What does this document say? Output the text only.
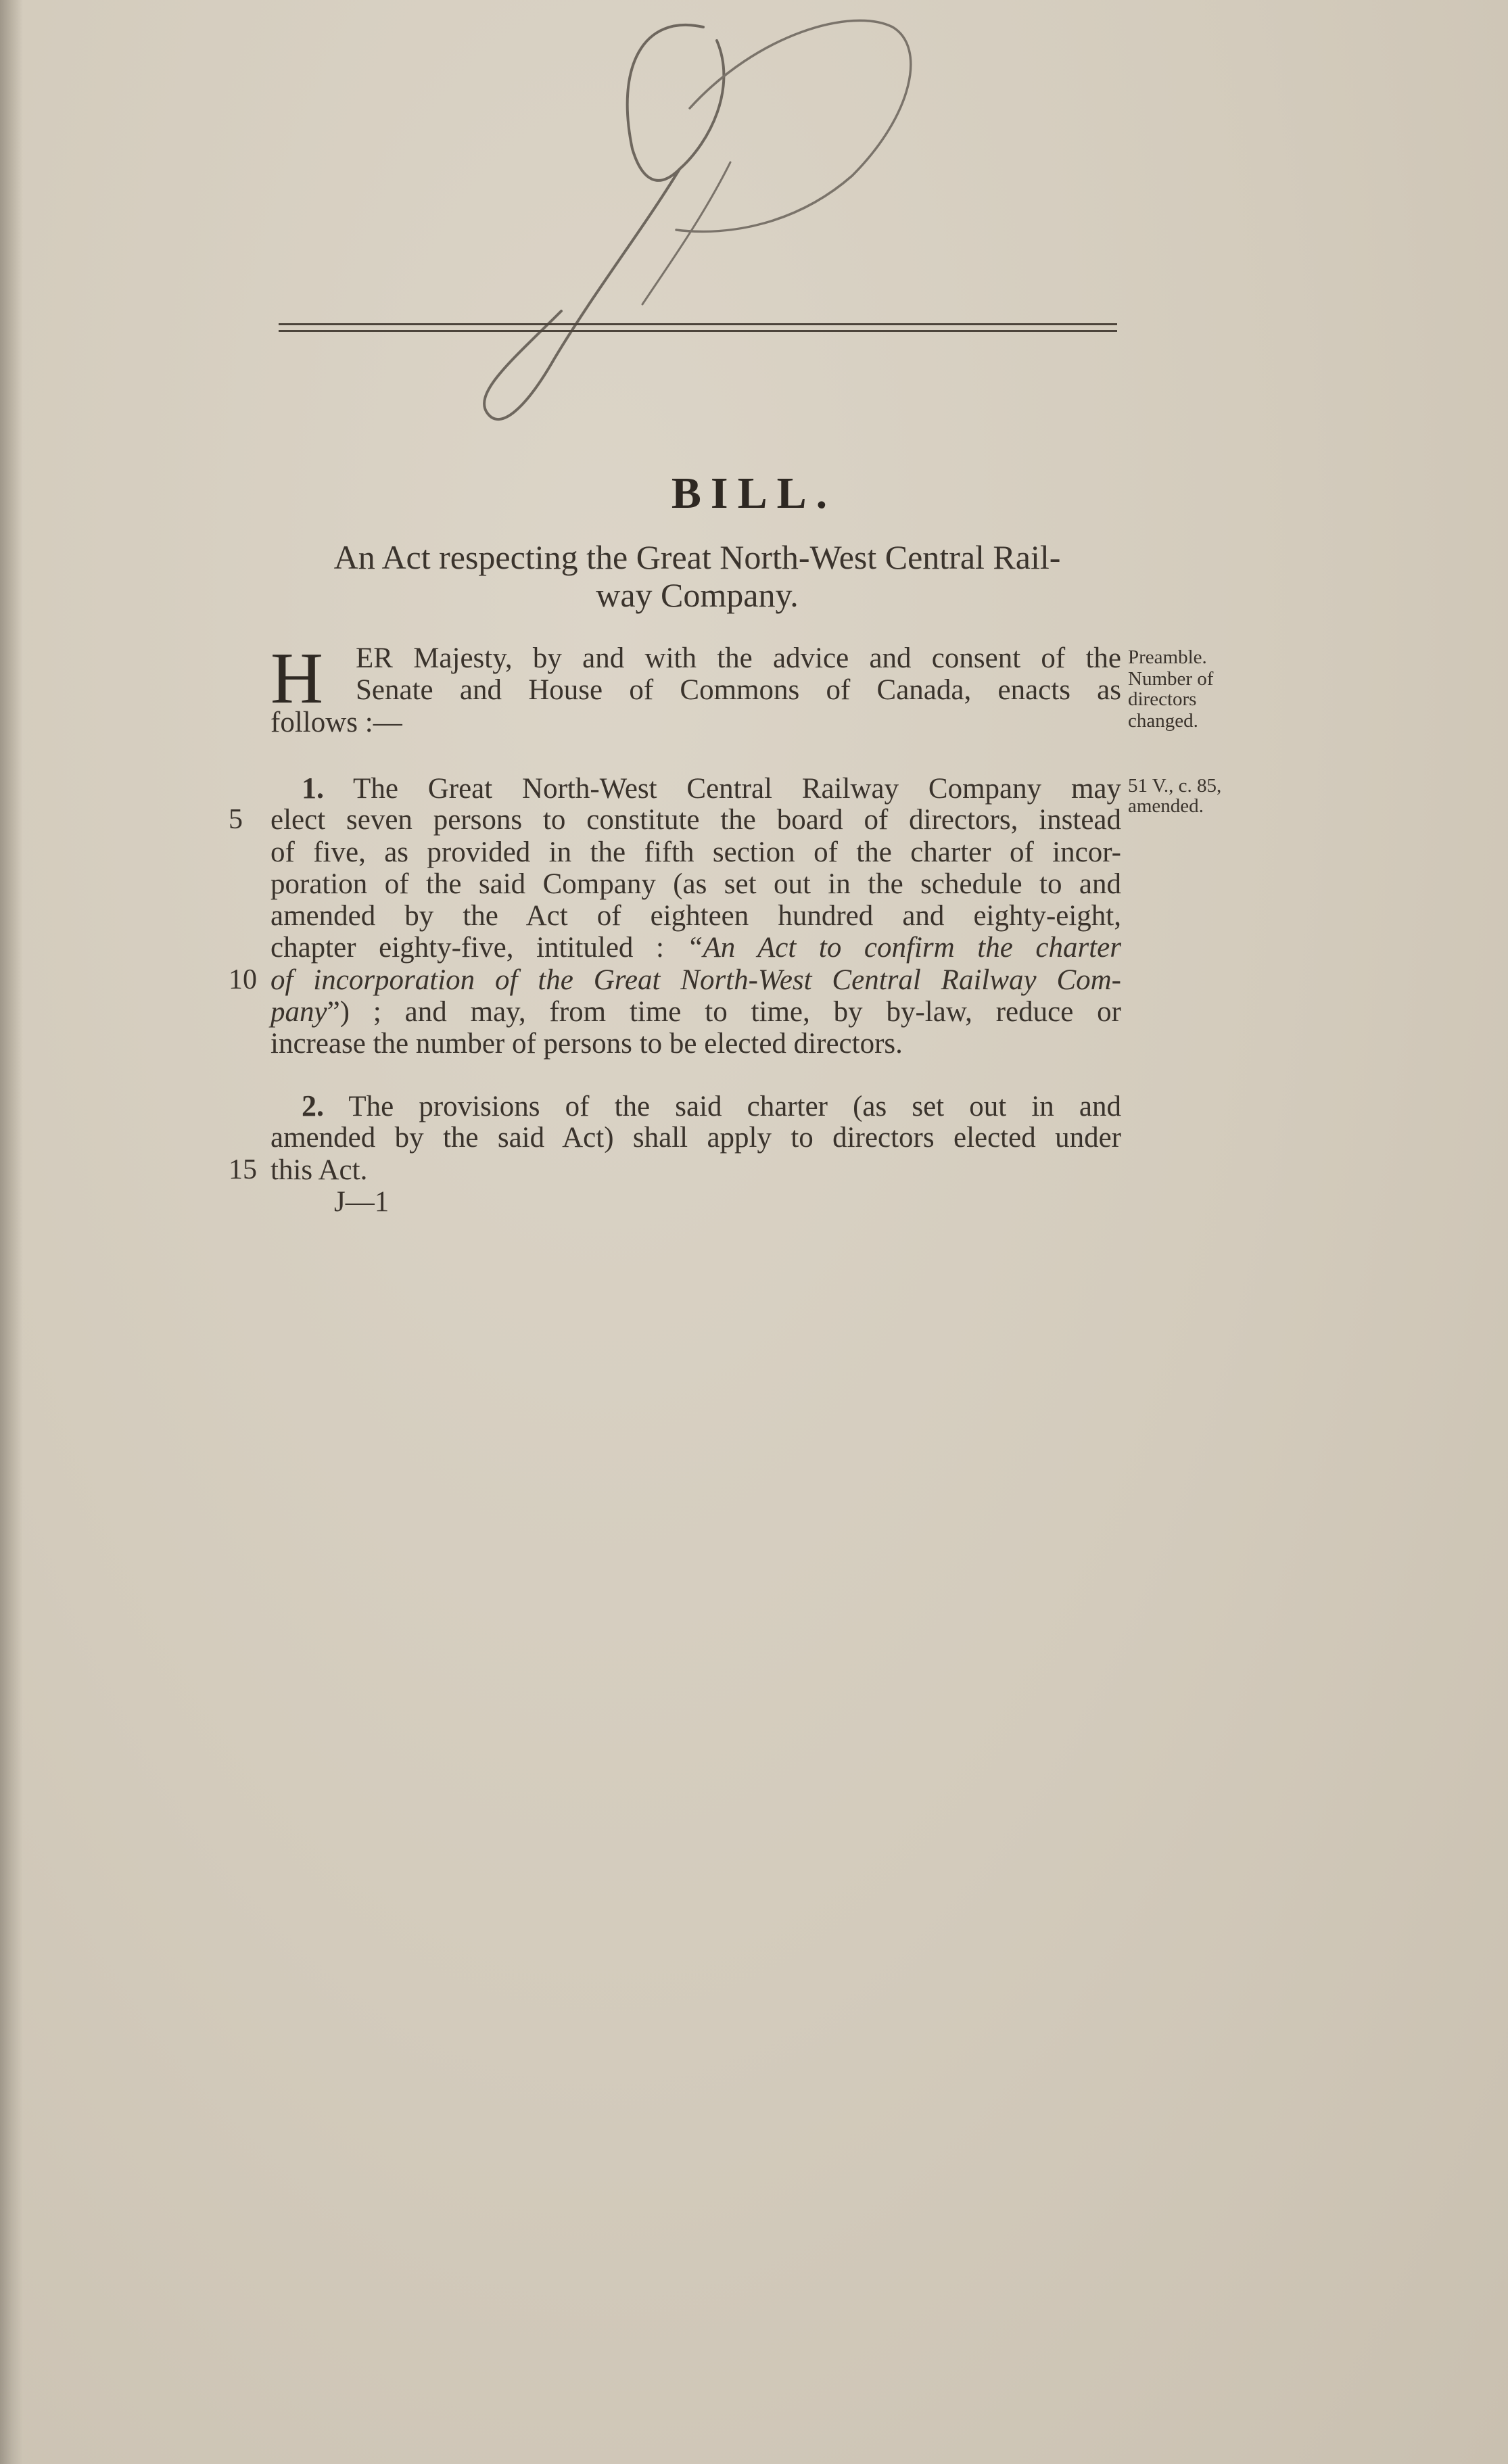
BILL.
An Act respecting the Great North-West Central Rail-
way Company.
H	ER Majesty, by and with the advice and consent of the
Senate and House of Commons of Canada, enacts as
follows :—
1. The Great North-West Central Railway Company may
elect seven persons to constitute the board of directors, instead
of five, as provided in the fifth section of the charter of incor-
poration of the said Company (as set out in the schedule to and
amended by the Act of eighteen hundred and eighty-eight,
chapter eighty-five, intituled : “An Act to confirm the charter
of incorporation of the Great North-West Central Railway Com-
pany”) ; and may, from time to time, by by-law, reduce or
increase the number of persons to be elected directors.
2. The provisions of the said charter (as set out in and
amended by the said Act) shall apply to directors elected under
this Act.
J—1
5
10
15
Preamble.
Number of
directors
changed.
51 V., c. 85,
amended.
